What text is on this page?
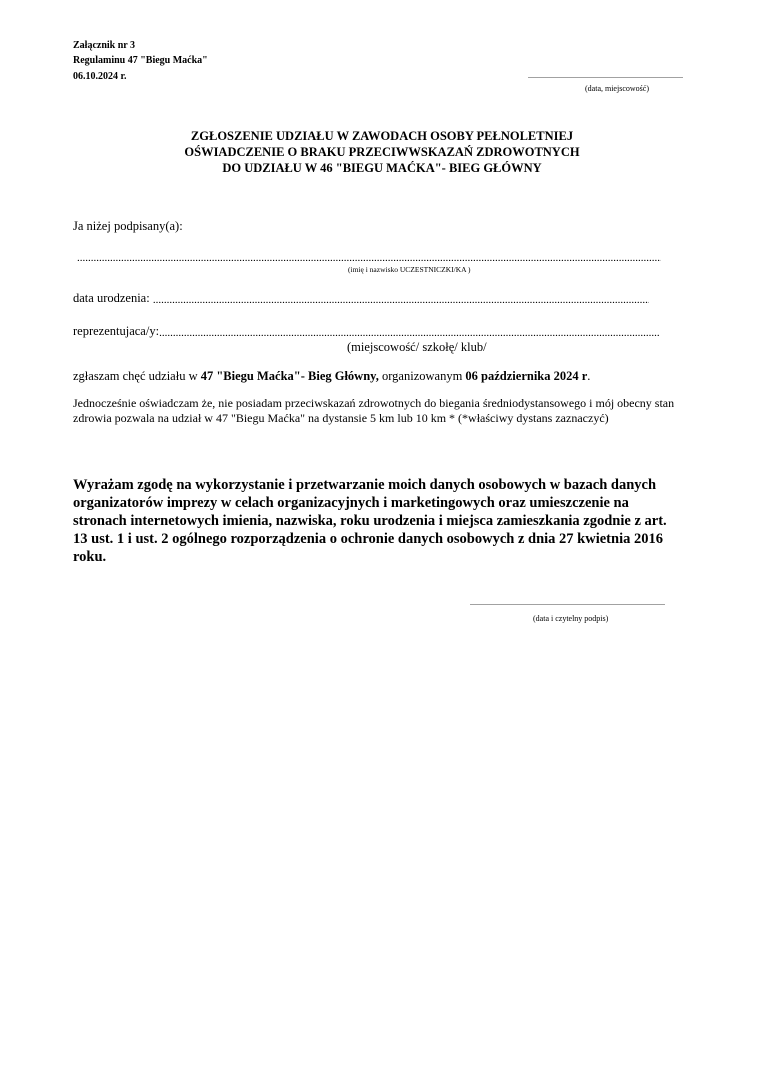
Załącznik nr 3
Regulaminu 47 "Biegu Maćka"
06.10.2024 r.
.....
(data, miejscowość)
ZGŁOSZENIE UDZIAŁU W ZAWODACH OSOBY PEŁNOLETNIEJ
OŚWIADCZENIE O BRAKU PRZECIWWSKAZAŃ ZDROWOTNYCH
DO UDZIAŁU W 46 "BIEGU MAĆKA"- BIEG GŁÓWNY
Ja niżej podpisany(a):
.....
(imię i nazwisko UCZESTNICZKI/KA )
data urodzenia: .....
reprezentujaca/y:.....
(miejscowość/ szkołę/ klub/
zgłaszam chęć udziału w 47 "Biegu Maćka"- Bieg Główny, organizowanym 06 października 2024 r.
Jednocześnie oświadczam że, nie posiadam przeciwskazań zdrowotnych do biegania średniodystansowego i mój obecny stan zdrowia pozwala na udział w 47 "Biegu Maćka" na dystansie 5 km lub 10 km * (*właściwy dystans zaznaczyć)
Wyrażam zgodę na wykorzystanie i przetwarzanie moich danych osobowych w bazach danych organizatorów imprezy w celach organizacyjnych i marketingowych oraz umieszczenie na stronach internetowych imienia, nazwiska, roku urodzenia i miejsca zamieszkania zgodnie z art. 13 ust. 1 i ust. 2 ogólnego rozporządzenia o ochronie danych osobowych z dnia 27 kwietnia 2016 roku.
.....
(data i czytelny podpis)
